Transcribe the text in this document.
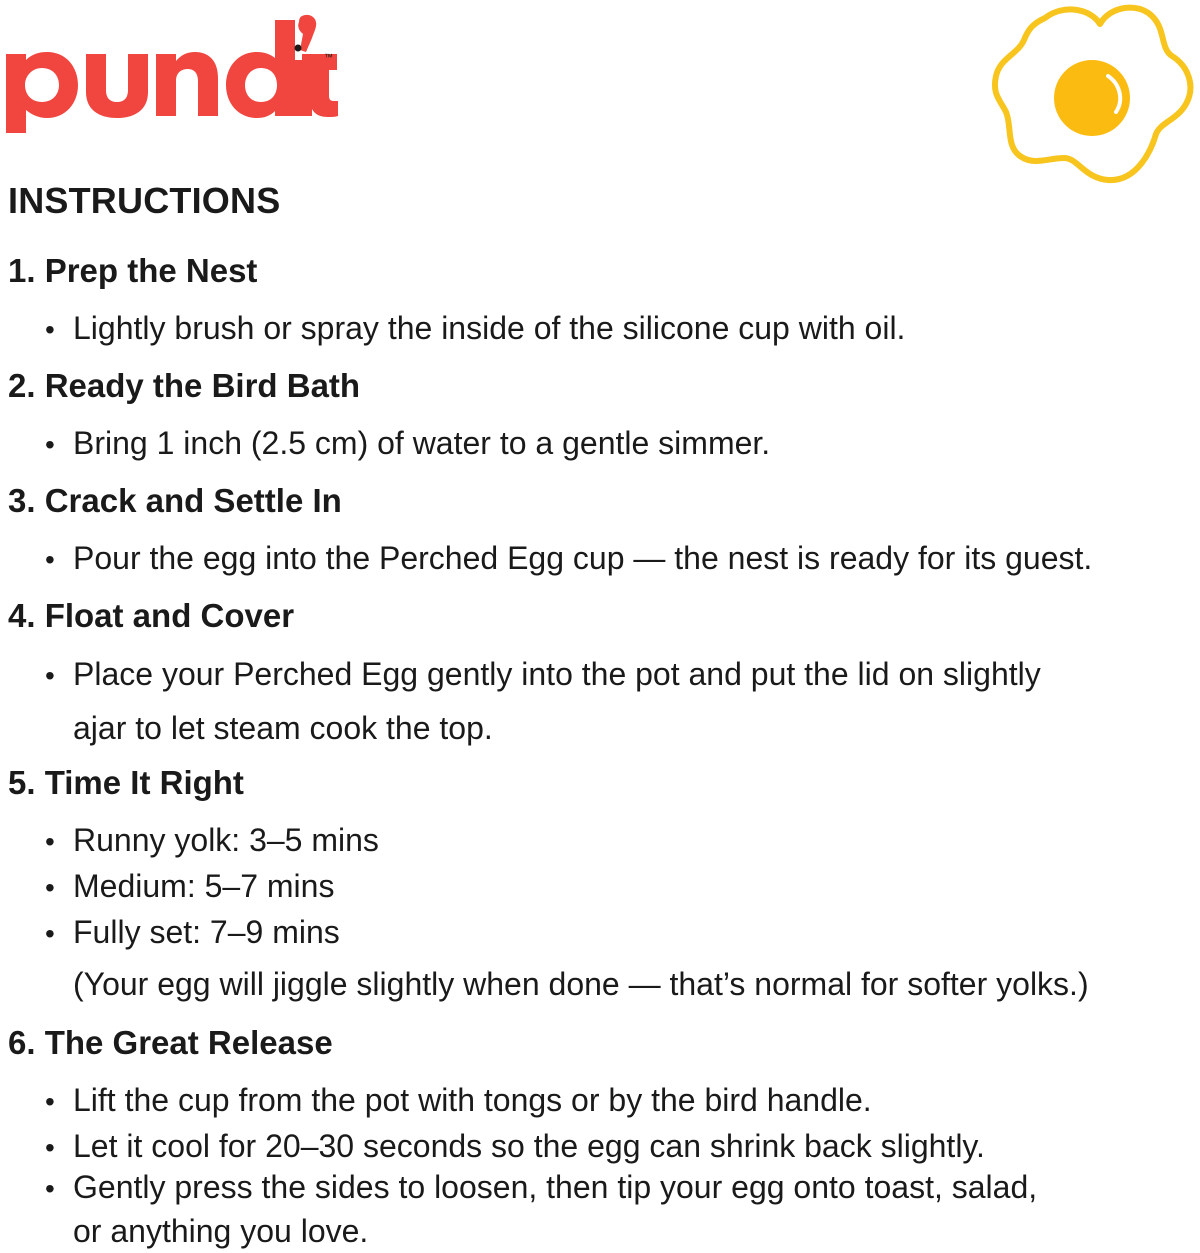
™
INSTRUCTIONS
1. Prep the Nest

• Lightly brush or spray the inside of the silicone cup with oil.

2. Ready the Bird Bath

• Bring 1 inch (2.5 cm) of water to a gentle simmer.

3. Crack and Settle In

• Pour the egg into the Perched Egg cup — the nest is ready for its guest.

4. Float and Cover

• Place your Perched Egg gently into the pot and put the lid on slightly
ajar to let steam cook the top.

5. Time It Right

• Runny yolk: 3–5 mins

• Medium: 5–7 mins

• Fully set: 7–9 mins

(Your egg will jiggle slightly when done — that’s normal for softer yolks.)

6. The Great Release

• Lift the cup from the pot with tongs or by the bird handle.

• Let it cool for 20–30 seconds so the egg can shrink back slightly.

• Gently press the sides to loosen, then tip your egg onto toast, salad,
or anything you love.
